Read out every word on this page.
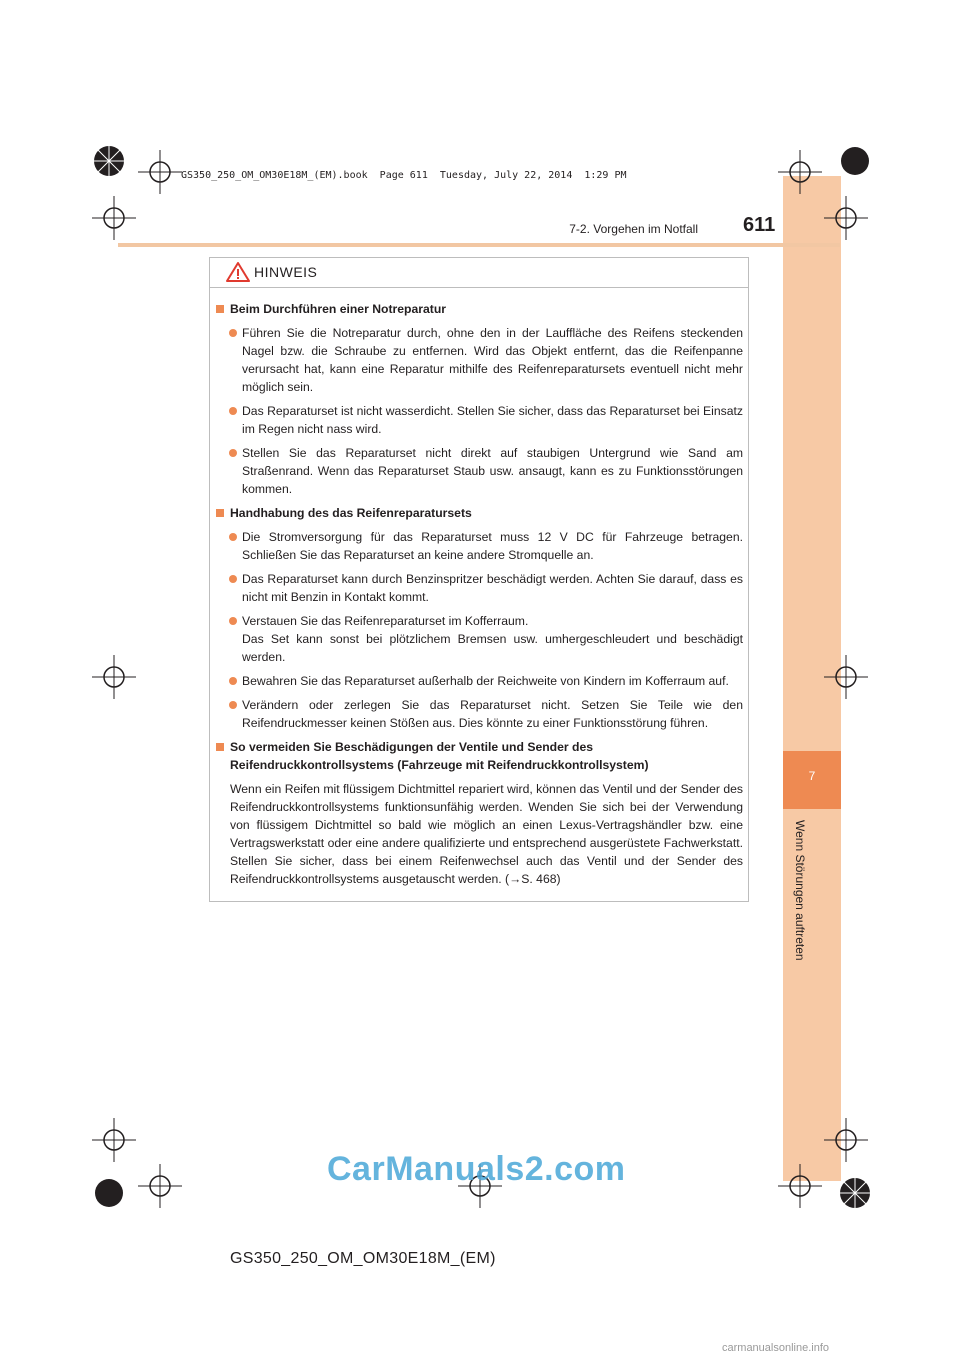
7
Wenn Störungen auftreten
GS350_250_OM_OM30E18M_(EM).book  Page 611  Tuesday, July 22, 2014  1:29 PM
7-2. Vorgehen im Notfall 611
HINWEIS
Beim Durchführen einer Notreparatur
Führen Sie die Notreparatur durch, ohne den in der Lauffläche des Reifens steckenden Nagel bzw. die Schraube zu entfernen. Wird das Objekt entfernt, das die Reifenpanne verursacht hat, kann eine Reparatur mithilfe des Reifenreparatursets eventuell nicht mehr möglich sein.
Das Reparaturset ist nicht wasserdicht. Stellen Sie sicher, dass das Reparaturset bei Einsatz im Regen nicht nass wird.
Stellen Sie das Reparaturset nicht direkt auf staubigen Untergrund wie Sand am Straßenrand. Wenn das Reparaturset Staub usw. ansaugt, kann es zu Funktionsstörungen kommen.
Handhabung des das Reifenreparatursets
Die Stromversorgung für das Reparaturset muss 12 V DC für Fahrzeuge betragen. Schließen Sie das Reparaturset an keine andere Stromquelle an.
Das Reparaturset kann durch Benzinspritzer beschädigt werden. Achten Sie darauf, dass es nicht mit Benzin in Kontakt kommt.
Verstauen Sie das Reifenreparaturset im Kofferraum.
Das Set kann sonst bei plötzlichem Bremsen usw. umhergeschleudert und beschädigt werden.
Bewahren Sie das Reparaturset außerhalb der Reichweite von Kindern im Kofferraum auf.
Verändern oder zerlegen Sie das Reparaturset nicht. Setzen Sie Teile wie den Reifendruckmesser keinen Stößen aus. Dies könnte zu einer Funktionsstörung führen.
So vermeiden Sie Beschädigungen der Ventile und Sender des Reifendruckkontrollsystems (Fahrzeuge mit Reifendruckkontrollsystem)
Wenn ein Reifen mit flüssigem Dichtmittel repariert wird, können das Ventil und der Sender des Reifendruckkontrollsystems funktionsunfähig werden. Wenden Sie sich bei der Verwendung von flüssigem Dichtmittel so bald wie möglich an einen Lexus-Vertragshändler bzw. eine Vertragswerkstatt oder eine andere qualifizierte und entsprechend ausgerüstete Fachwerkstatt. Stellen Sie sicher, dass bei einem Reifenwechsel auch das Ventil und der Sender des Reifendruckkontrollsystems ausgetauscht werden. (→S. 468)
CarManuals2.com
GS350_250_OM_OM30E18M_(EM)
carmanualsonline.info
